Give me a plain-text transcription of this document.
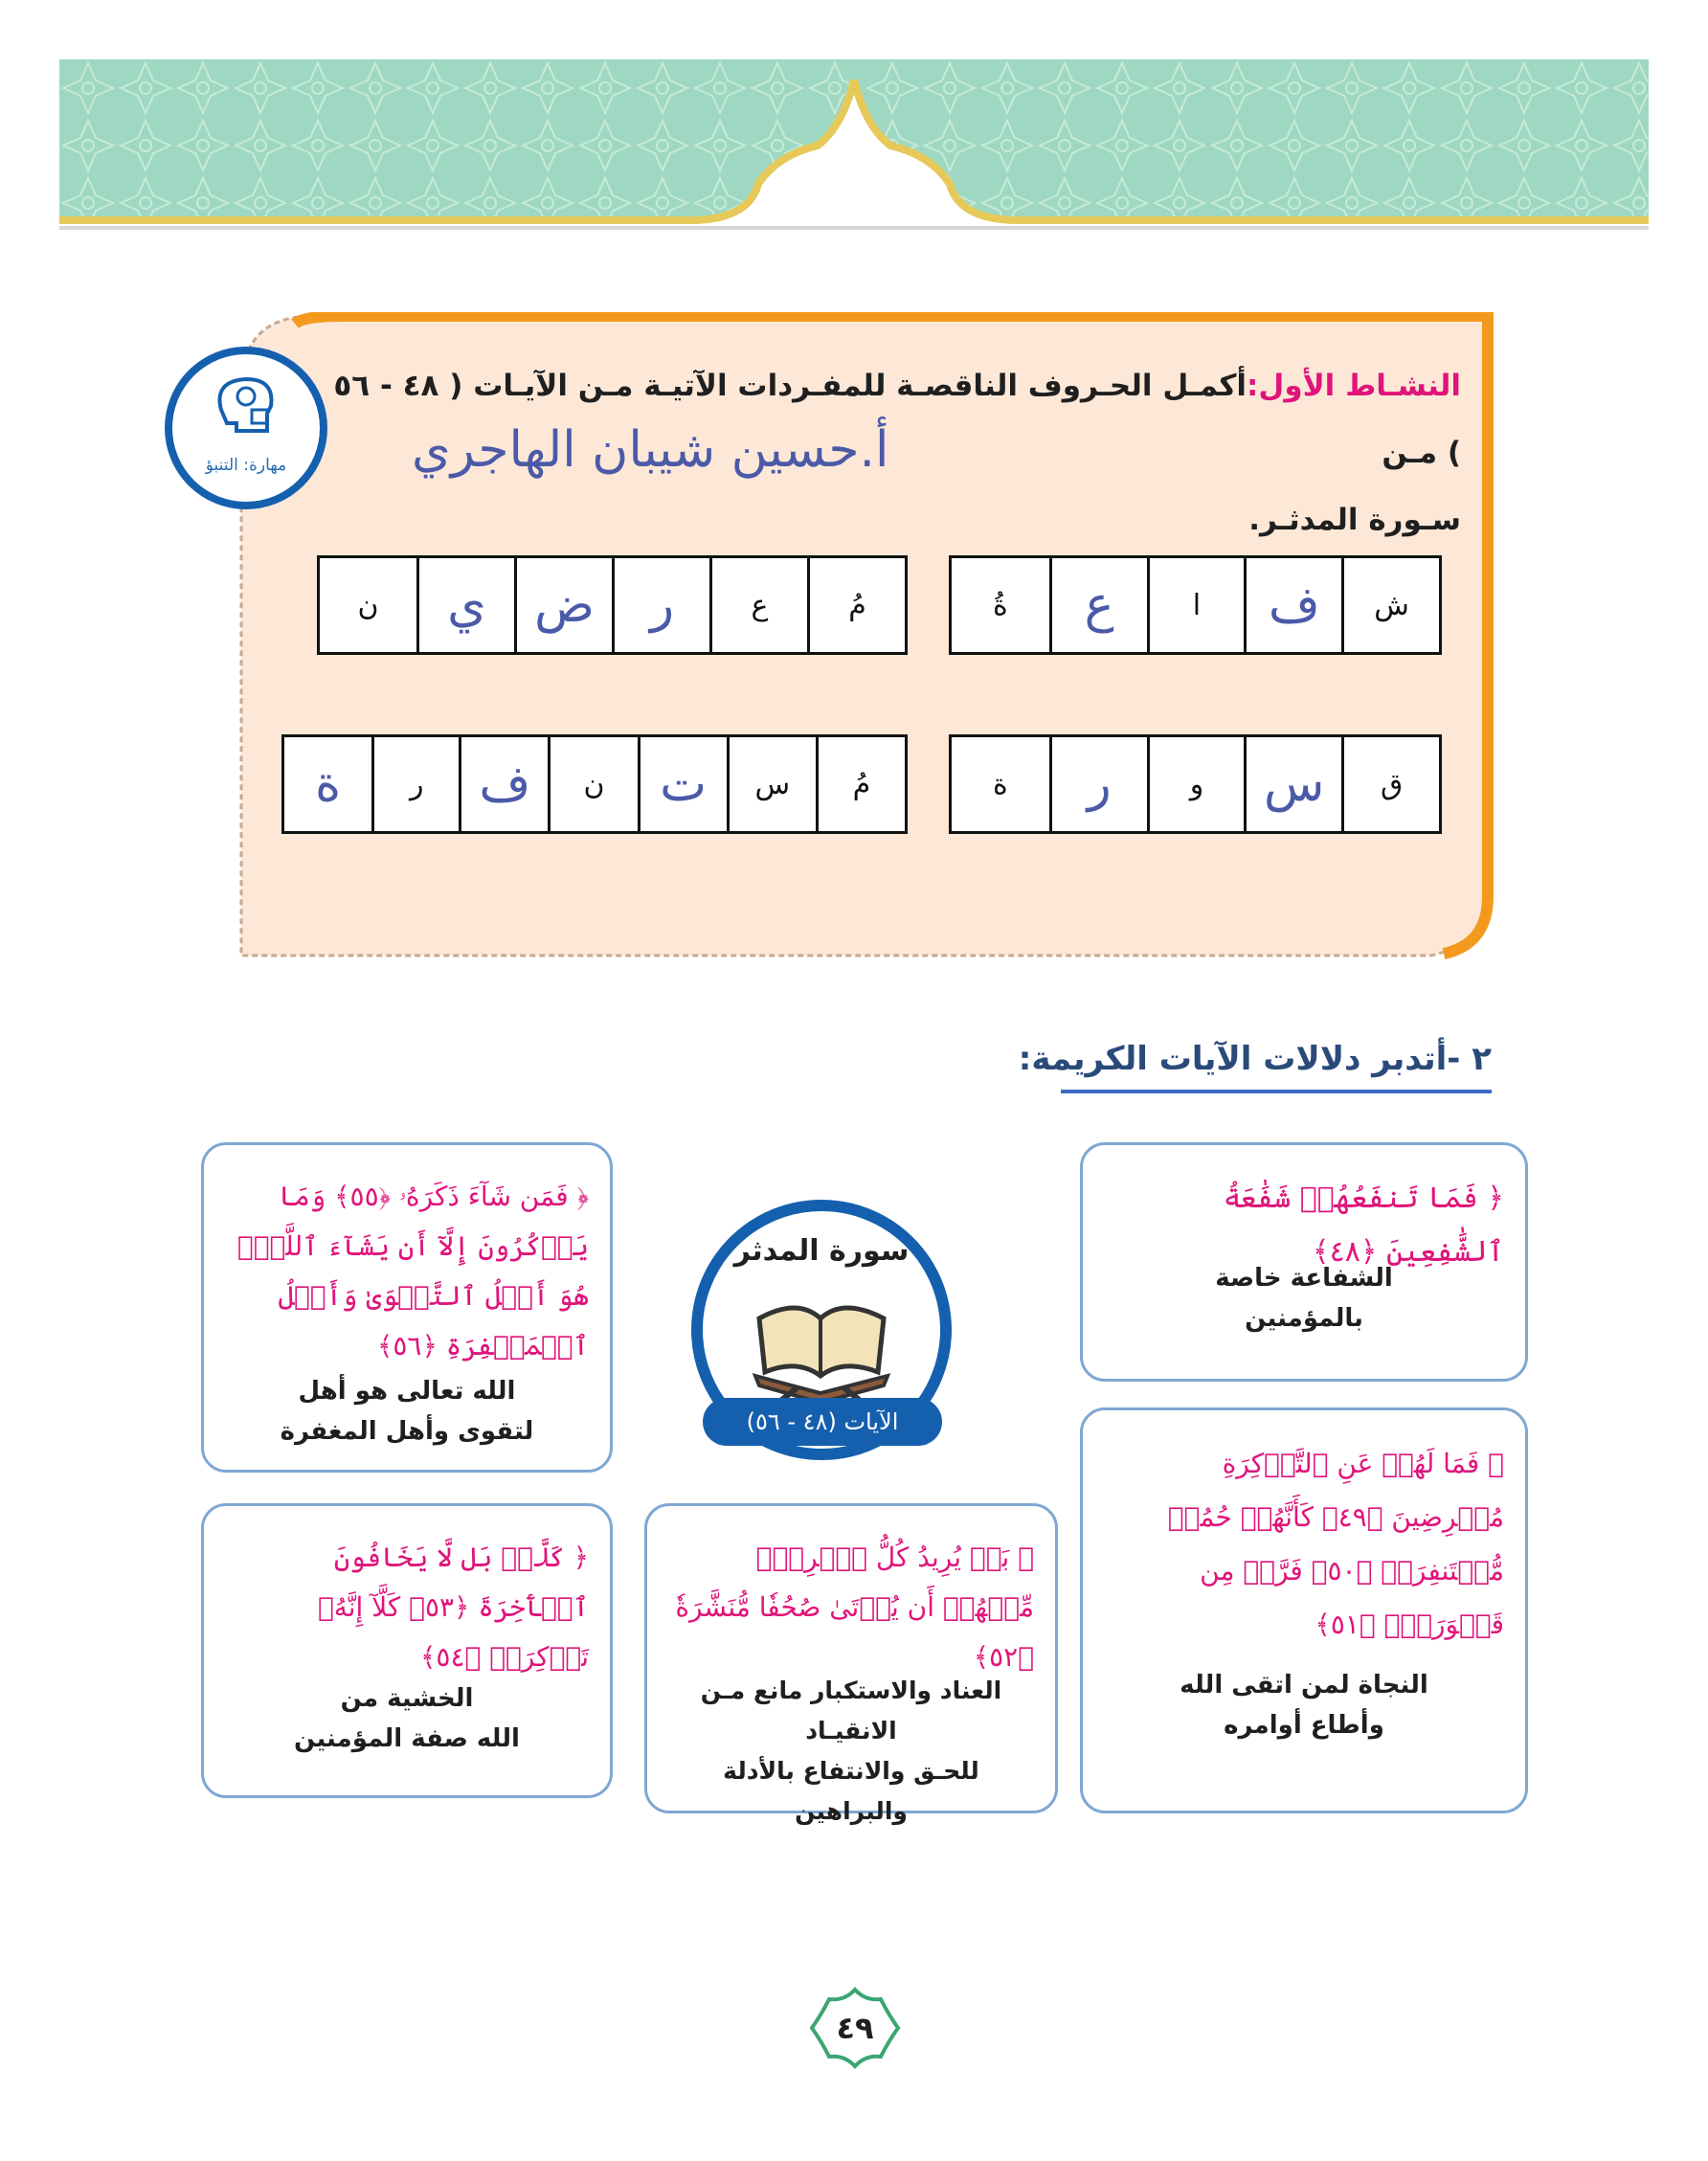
النشـاط الأول:أكمـل الحـروف الناقصـة للمفـردات الآتيـة مـن الآيـات ( ٤٨ - ٥٦ ) مـن
سـورة المدثـر.
أ.حسين شيبان الهاجري
مهارة: التنبؤ
ش
ف
ا
ع
ةُ
مُ
ع
ر
ض
ي
ن
ق
س
و
ر
ة
مُ
س
ت
ن
ف
ر
ة
٢ -أتدبر دلالات الآيات الكريمة:
﴿ فَمَا تَنفَعُهُمۡ شَفَٰعَةُ ٱلشَّٰفِعِينَ ﴿٤٨﴾
الشفاعة خاصة
بالمؤمنين
﴿ فَمَن شَآءَ ذَكَرَهُۥ ﴿٥٥﴾ وَمَا يَذۡكُرُونَ إِلَّآ أَن يَشَآءَ ٱللَّهُۚ هُوَ أَهۡلُ ٱلتَّقۡوَىٰ وَأَهۡلُ ٱلۡمَغۡفِرَةِ ﴿٥٦﴾
الله تعالى هو أهل
لتقوى وأهل المغفرة
سورة المدثر
الآيات (٤٨ - ٥٦)
﴿ فَمَا لَهُمۡ عَنِ ٱلتَّذۡكِرَةِ مُعۡرِضِينَ ﴿٤٩﴾ كَأَنَّهُمۡ حُمُرٞ مُّسۡتَنفِرَةٞ ﴿٥٠﴾ فَرَّتۡ مِن قَسۡوَرَةِۭ ﴿٥١﴾
النجاة لمن اتقى الله
وأطاع أوامره
﴿ بَلۡ يُرِيدُ كُلُّ ٱمۡرِيٕٖ مِّنۡهُمۡ أَن يُؤۡتَىٰ صُحُفٗا مُّنَشَّرَةٗ ﴿٥٢﴾
العناد والاستكبار مانع مـن الانقيـاد
للحـق والانتفاع بالأدلة والبراهين
﴿ كَلَّاۖ بَل لَّا يَخَافُونَ ٱلۡأٓخِرَةَ ﴿٥٣﴾ كَلَّآ إِنَّهُۥ تَذۡكِرَةٞ ﴿٥٤﴾
الخشية من
الله صفة المؤمنين
٤٩
